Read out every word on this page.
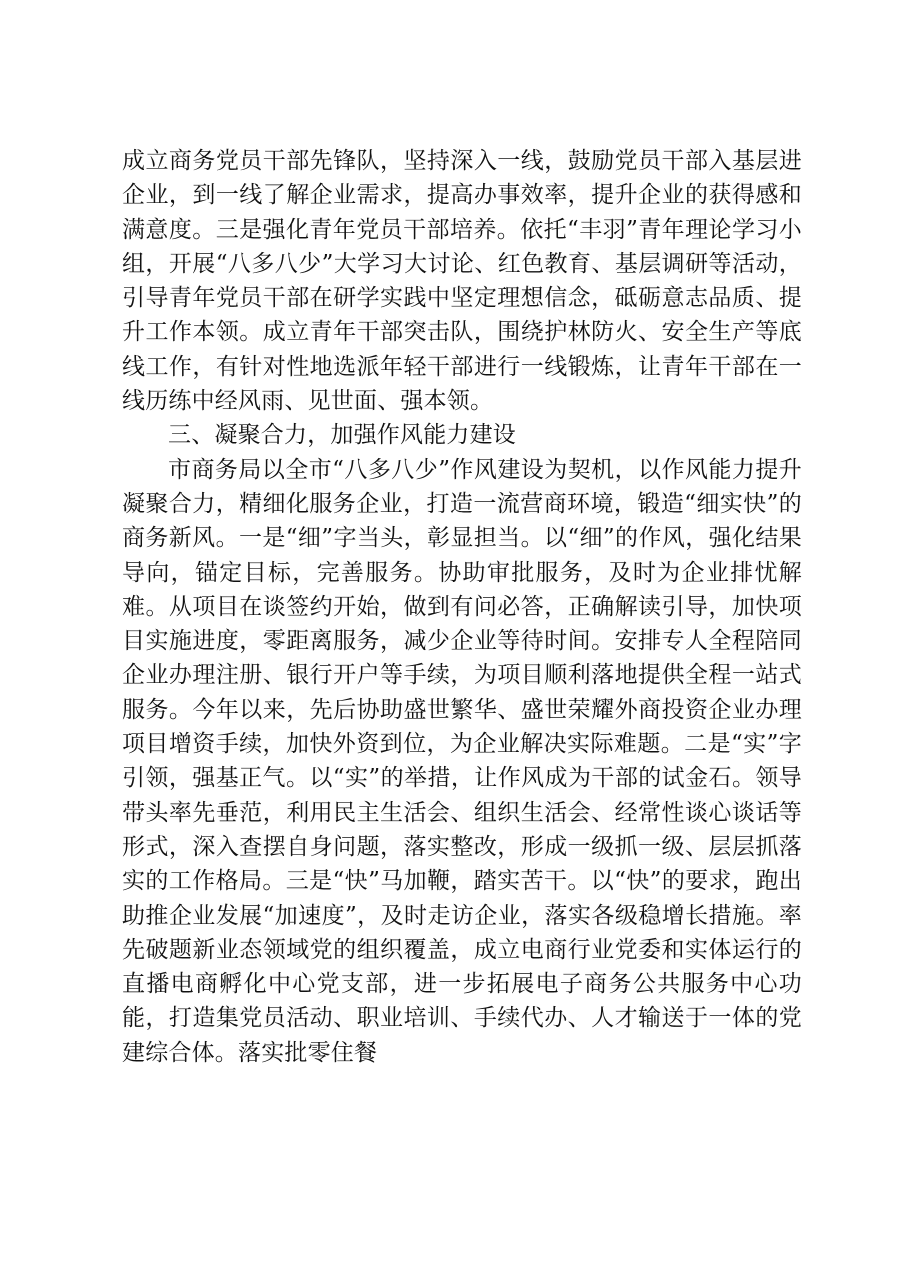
成立商务党员干部先锋队，坚持深入一线，鼓励党员干部入基层进企业，到一线了解企业需求，提高办事效率，提升企业的获得感和满意度。三是强化青年党员干部培养。依托“丰羽”青年理论学习小组，开展“八多八少”大学习大讨论、红色教育、基层调研等活动，引导青年党员干部在研学实践中坚定理想信念，砥砺意志品质、提升工作本领。成立青年干部突击队，围绕护林防火、安全生产等底线工作，有针对性地选派年轻干部进行一线锻炼，让青年干部在一线历练中经风雨、见世面、强本领。

三、凝聚合力，加强作风能力建设

市商务局以全市“八多八少”作风建设为契机，以作风能力提升凝聚合力，精细化服务企业，打造一流营商环境，锻造“细实快”的商务新风。一是“细”字当头，彰显担当。以“细”的作风，强化结果导向，锚定目标，完善服务。协助审批服务，及时为企业排忧解难。从项目在谈签约开始，做到有问必答，正确解读引导，加快项目实施进度，零距离服务，减少企业等待时间。安排专人全程陪同企业办理注册、银行开户等手续，为项目顺利落地提供全程一站式服务。今年以来，先后协助盛世繁华、盛世荣耀外商投资企业办理项目增资手续，加快外资到位，为企业解决实际难题。二是“实”字引领，强基正气。以“实”的举措，让作风成为干部的试金石。领导带头率先垂范，利用民主生活会、组织生活会、经常性谈心谈话等形式，深入查摆自身问题，落实整改，形成一级抓一级、层层抓落实的工作格局。三是“快”马加鞭，踏实苦干。以“快”的要求，跑出助推企业发展“加速度”，及时走访企业，落实各级稳增长措施。率先破题新业态领域党的组织覆盖，成立电商行业党委和实体运行的直播电商孵化中心党支部，进一步拓展电子商务公共服务中心功能，打造集党员活动、职业培训、手续代办、人才输送于一体的党建综合体。落实批零住餐
